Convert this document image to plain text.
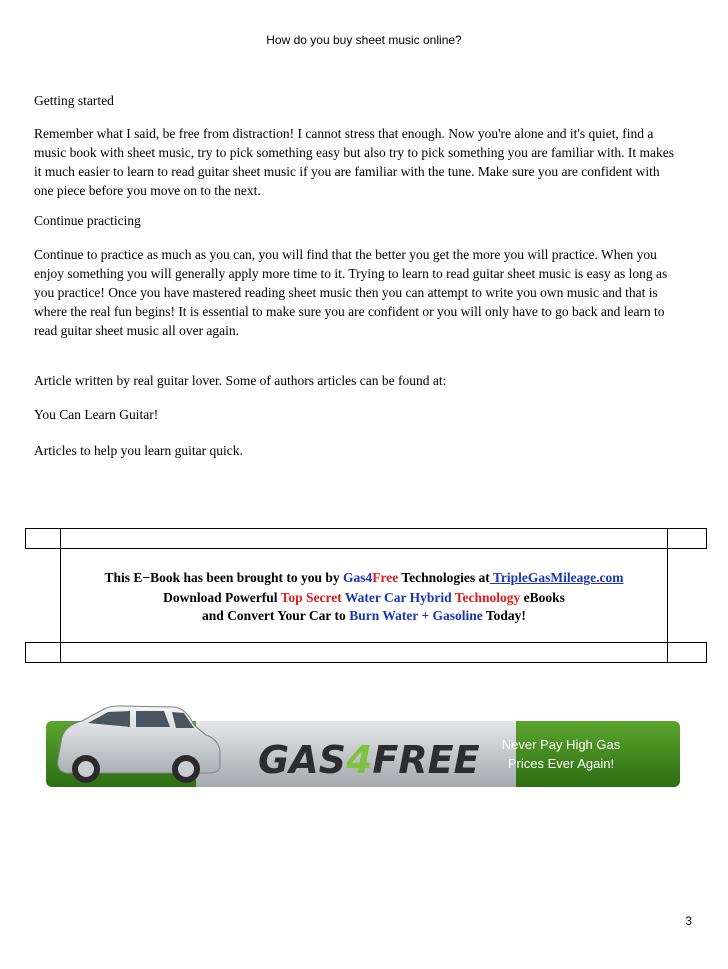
How do you buy sheet music online?

Getting started

Remember what I said, be free from distraction! I cannot stress that enough. Now you're alone and it's quiet, find a music book with sheet music, try to pick something easy but also try to pick something you are familiar with. It makes it much easier to learn to read guitar sheet music if you are familiar with the tune. Make sure you are confident with one piece before you move on to the next.

Continue practicing

Continue to practice as much as you can, you will find that the better you get the more you will practice. When you enjoy something you will generally apply more time to it. Trying to learn to read guitar sheet music is easy as long as you practice! Once you have mastered reading sheet music then you can attempt to write you own music and that is where the real fun begins! It is essential to make sure you are confident or you will only have to go back and learn to read guitar sheet music all over again.

Article written by real guitar lover. Some of authors articles can be found at:

You Can Learn Guitar!

Articles to help you learn guitar quick.

This E−Book has been brought to you by Gas4Free Technologies at TripleGasMileage.com
Download Powerful Top Secret Water Car Hybrid Technology eBooks
and Convert Your Car to Burn Water + Gasoline Today!
GAS4FREE Never Pay High Gas
Prices Ever Again!
3
